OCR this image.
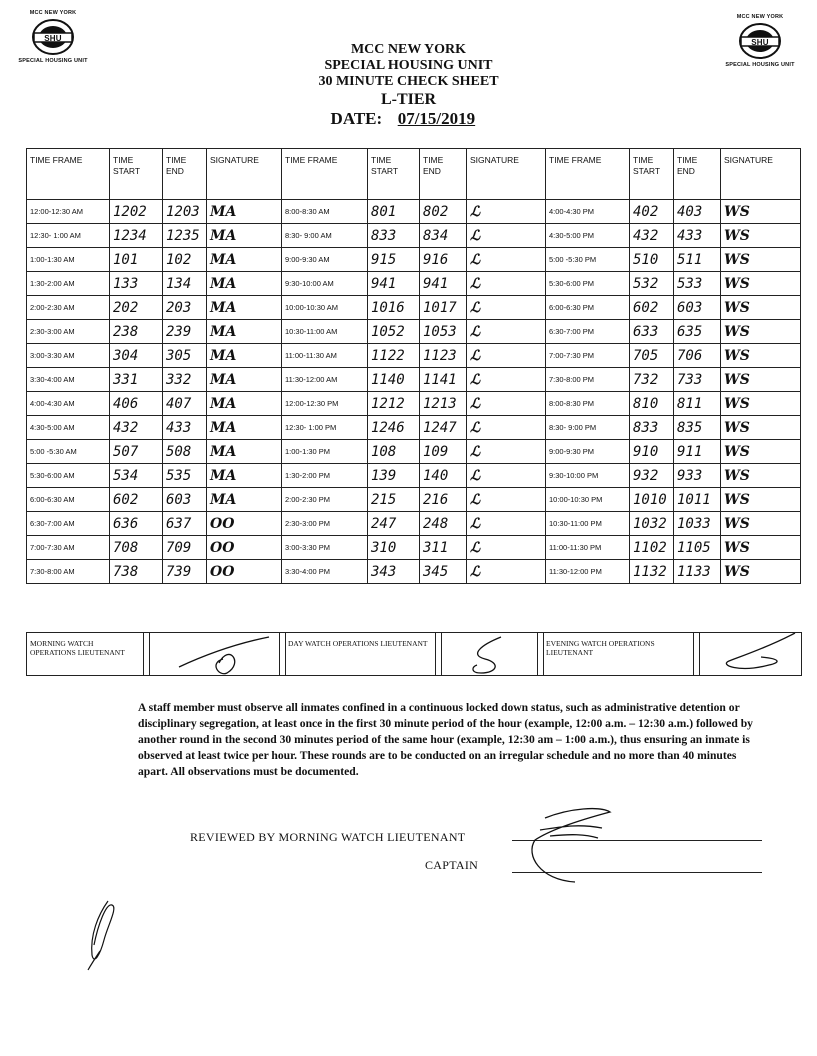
MCC NEW YORK
SHU
SPECIAL HOUSING UNIT
MCC NEW YORK
SHU
SPECIAL HOUSING UNIT
MCC NEW YORK
SPECIAL HOUSING UNIT
30 MINUTE CHECK SHEET
L-TIER
DATE: 07/15/2019
TIME FRAME	TIME START	TIME END	SIGNATURE	TIME FRAME	TIME START	TIME END	SIGNATURE	TIME FRAME	TIME START	TIME END	SIGNATURE
12:00-12:30 AM	1202	1203	MA	8:00-8:30 AM	801	802	ℒ	4:00-4:30 PM	402	403	WS
12:30- 1:00 AM	1234	1235	MA	8:30- 9:00 AM	833	834	ℒ	4:30-5:00 PM	432	433	WS
1:00-1:30 AM	101	102	MA	9:00-9:30 AM	915	916	ℒ	5:00 -5:30 PM	510	511	WS
1:30-2:00 AM	133	134	MA	9:30-10:00 AM	941	941	ℒ	5:30-6:00 PM	532	533	WS
2:00-2:30 AM	202	203	MA	10:00-10:30 AM	1016	1017	ℒ	6:00-6:30 PM	602	603	WS
2:30-3:00 AM	238	239	MA	10:30-11:00 AM	1052	1053	ℒ	6:30-7:00 PM	633	635	WS
3:00-3:30 AM	304	305	MA	11:00-11:30 AM	1122	1123	ℒ	7:00-7:30 PM	705	706	WS
3:30-4:00 AM	331	332	MA	11:30-12:00 AM	1140	1141	ℒ	7:30-8:00 PM	732	733	WS
4:00-4:30 AM	406	407	MA	12:00-12:30 PM	1212	1213	ℒ	8:00-8:30 PM	810	811	WS
4:30-5:00 AM	432	433	MA	12:30- 1:00 PM	1246	1247	ℒ	8:30- 9:00 PM	833	835	WS
5:00 -5:30 AM	507	508	MA	1:00-1:30 PM	108	109	ℒ	9:00-9:30 PM	910	911	WS
5:30-6:00 AM	534	535	MA	1:30-2:00 PM	139	140	ℒ	9:30-10:00 PM	932	933	WS
6:00-6:30 AM	602	603	MA	2:00-2:30 PM	215	216	ℒ	10:00-10:30 PM	1010	1011	WS
6:30-7:00 AM	636	637	OO	2:30-3:00 PM	247	248	ℒ	10:30-11:00 PM	1032	1033	WS
7:00-7:30 AM	708	709	OO	3:00-3:30 PM	310	311	ℒ	11:00-11:30 PM	1102	1105	WS
7:30-8:00 AM	738	739	OO	3:30-4:00 PM	343	345	ℒ	11:30-12:00 PM	1132	1133	WS
MORNING WATCH OPERATIONS LIEUTENANT
DAY WATCH OPERATIONS LIEUTENANT	EVENING WATCH OPERATIONS LIEUTENANT
A staff member must observe all inmates confined in a continuous locked down status, such as administrative detention or disciplinary segregation, at least once in the first 30 minute period of the hour (example, 12:00 a.m. – 12:30 a.m.) followed by another round in the second 30 minutes period of the same hour (example, 12:30 am – 1:00 a.m.), thus ensuring an inmate is observed at least twice per hour. These rounds are to be conducted on an irregular schedule and no more than 40 minutes apart. All observations must be documented.
REVIEWED BY MORNING WATCH LIEUTENANT
CAPTAIN
